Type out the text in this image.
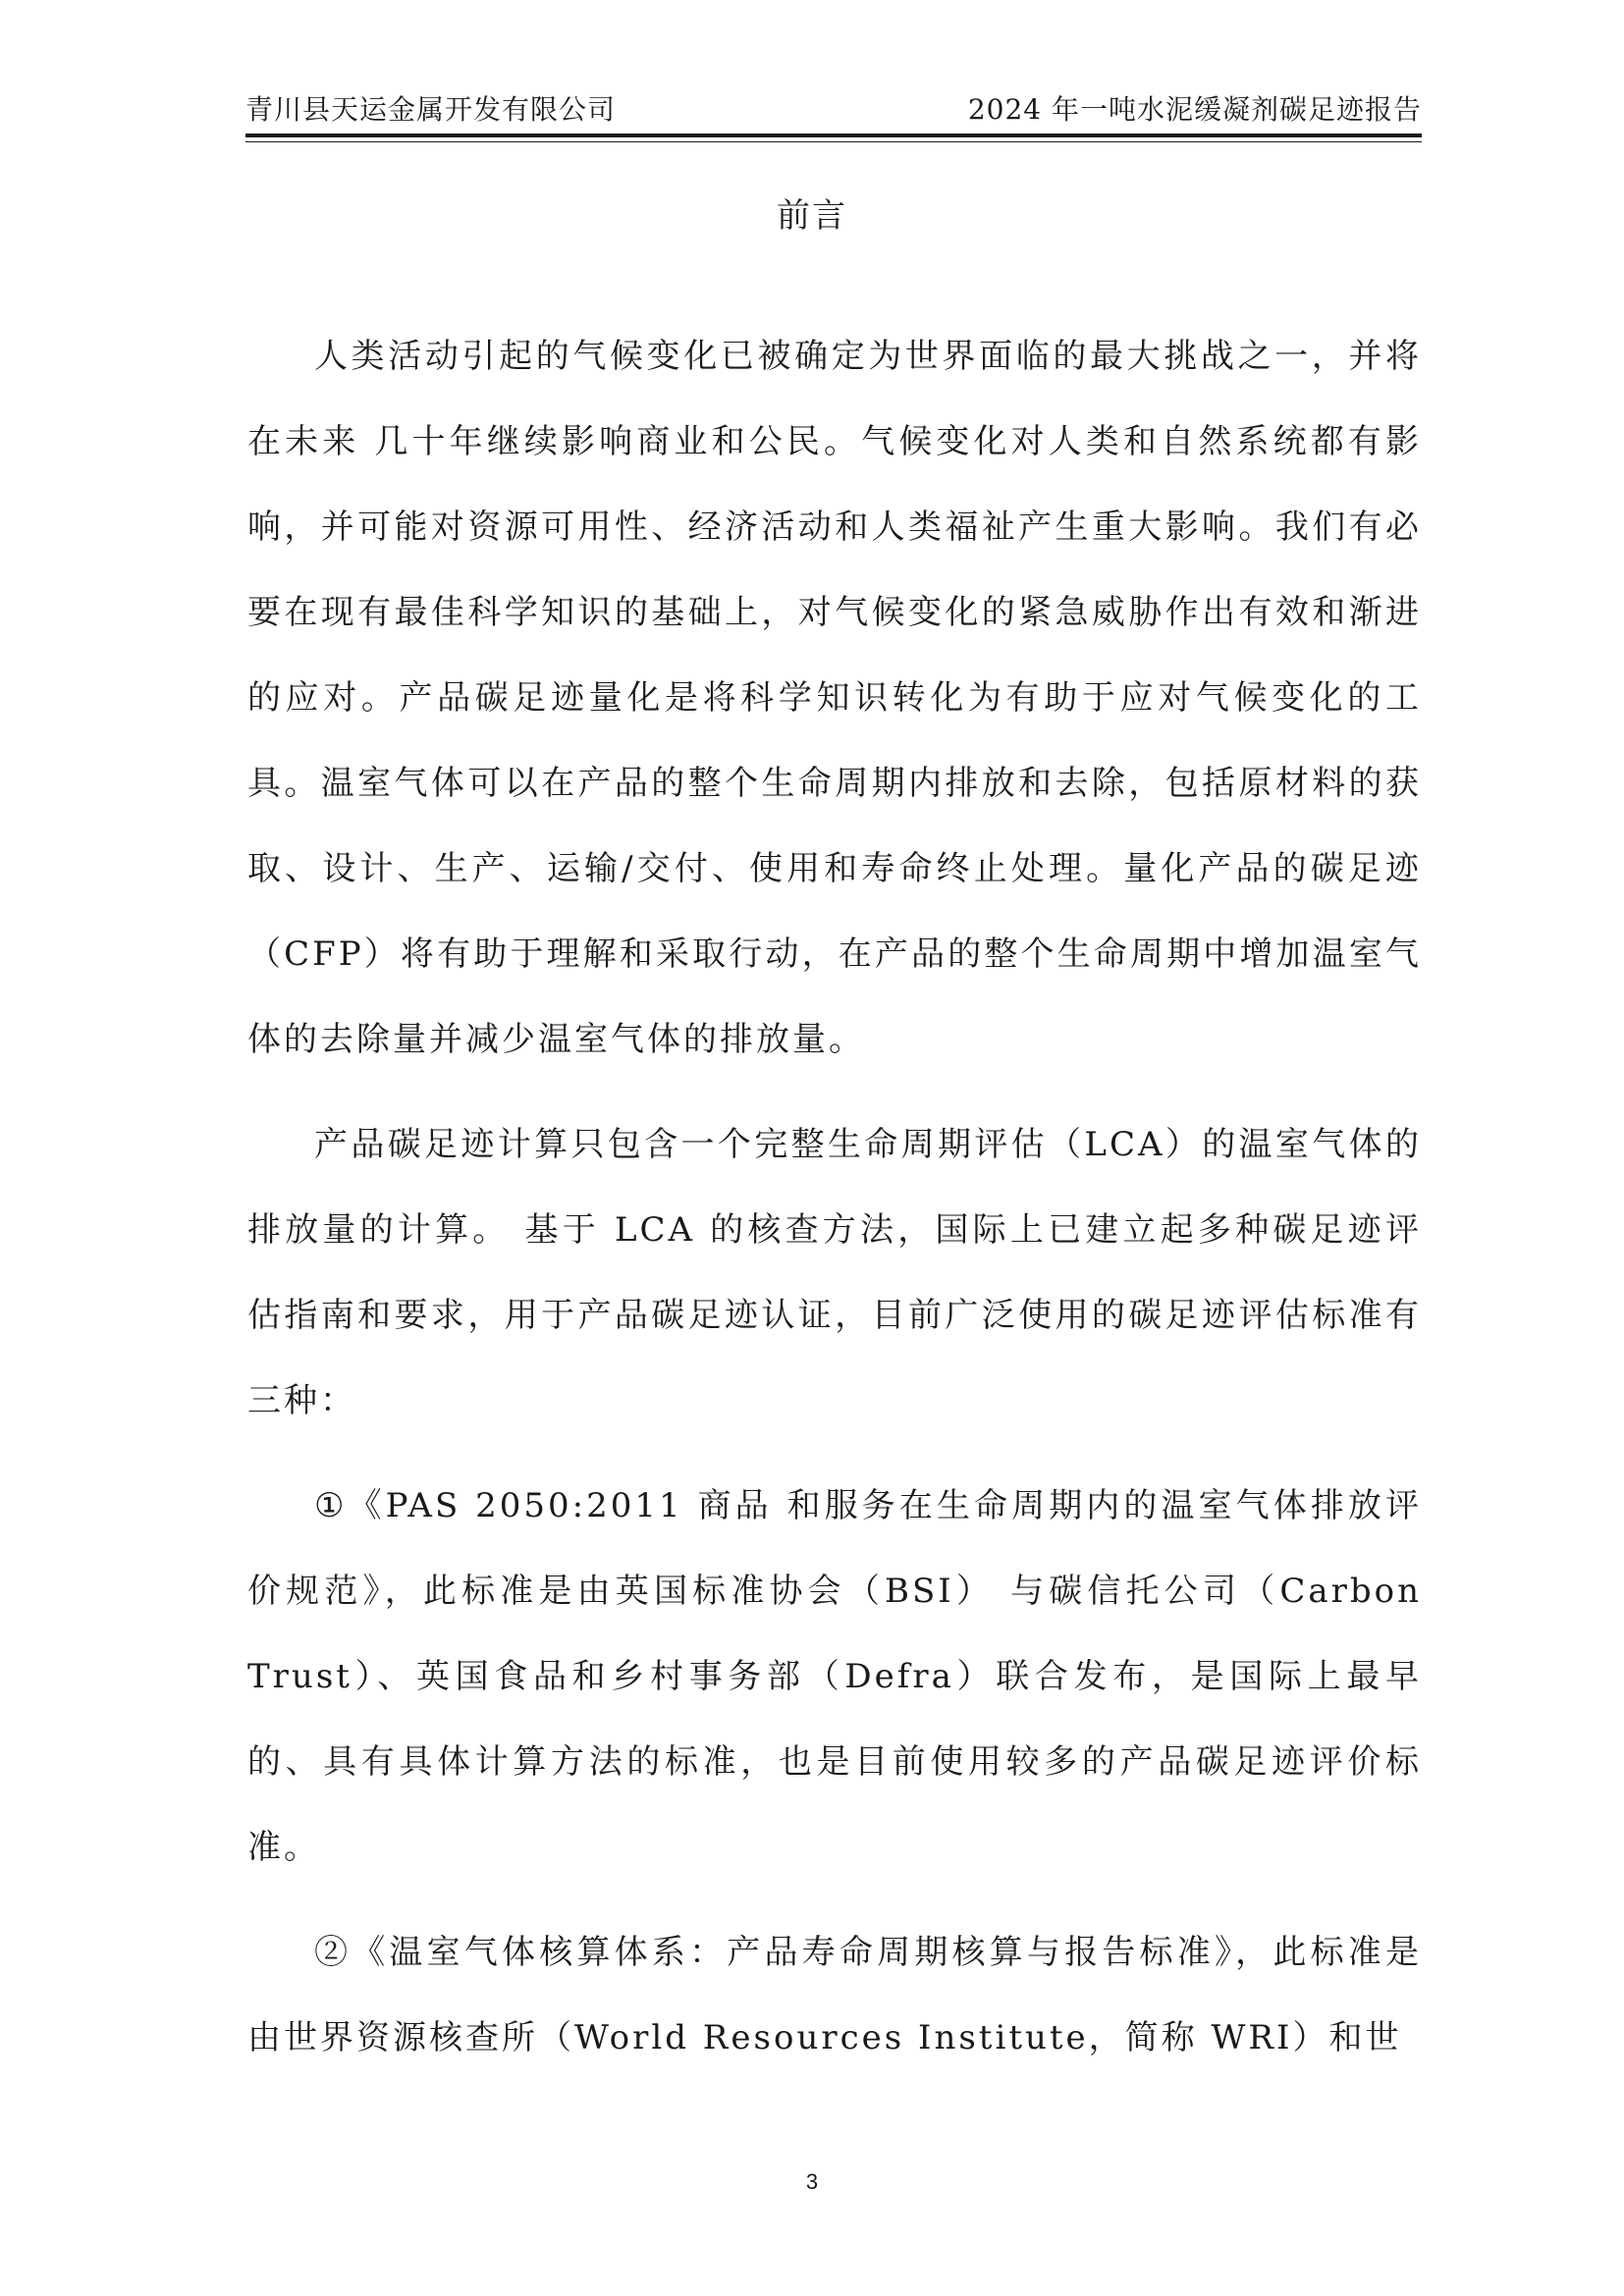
青川县天运金属开发有限公司	2024 年一吨水泥缓凝剂碳足迹报告
前言

人类活动引起的气候变化已被确定为世界面临的最大挑战之一，并将在未来 几十年继续影响商业和公民。气候变化对人类和自然系统都有影响，并可能对资源可用性、经济活动和人类福祉产生重大影响。我们有必要在现有最佳科学知识的基础上，对气候变化的紧急威胁作出有效和渐进的应对。产品碳足迹量化是将科学知识转化为有助于应对气候变化的工具。温室气体可以在产品的整个生命周期内排放和去除，包括原材料的获取、设计、生产、运输/交付、使用和寿命终止处理。量化产品的碳足迹（CFP）将有助于理解和采取行动，在产品的整个生命周期中增加温室气体的去除量并减少温室气体的排放量。

产品碳足迹计算只包含一个完整生命周期评估（LCA）的温室气体的排放量的计算。 基于 LCA 的核查方法，国际上已建立起多种碳足迹评估指南和要求，用于产品碳足迹认证，目前广泛使用的碳足迹评估标准有三种：

①《PAS 2050:2011 商品 和服务在生命周期内的温室气体排放评价规范》，此标准是由英国标准协会（BSI） 与碳信托公司（Carbon Trust）、英国食品和乡村事务部（Defra）联合发布，是国际上最早的、具有具体计算方法的标准，也是目前使用较多的产品碳足迹评价标准。

②《温室气体核算体系：产品寿命周期核算与报告标准》，此标准是由世界资源核查所（World Resources Institute，简称 WRI）和世

3
